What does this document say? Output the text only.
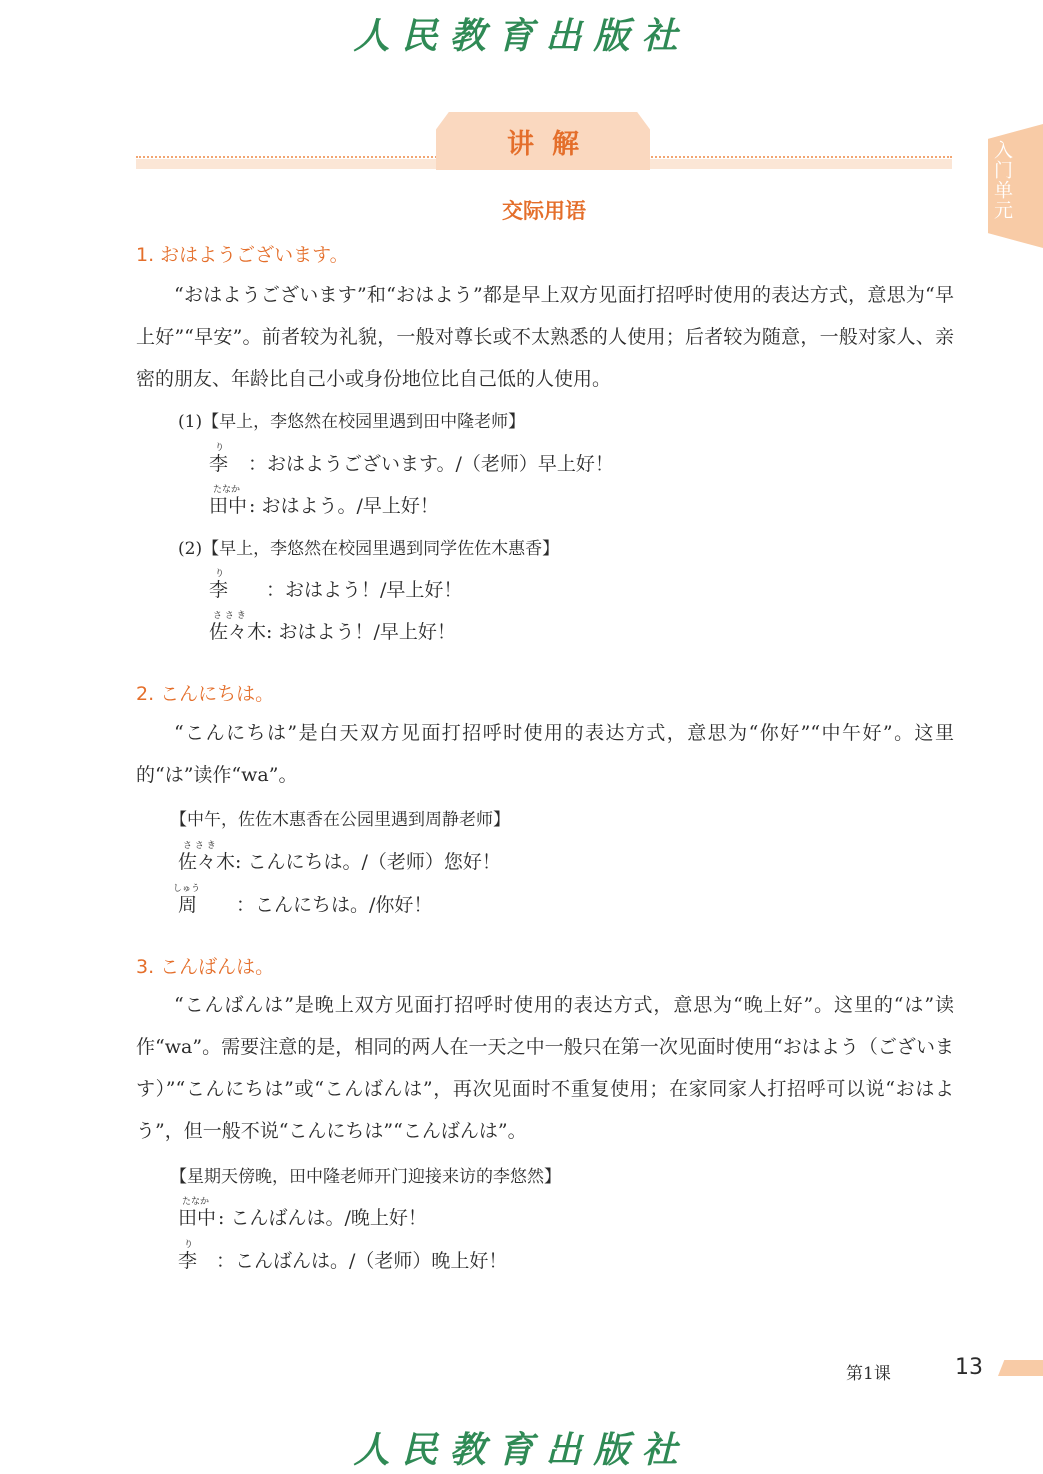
人民教育出版社
人民教育出版社
入门单元
讲解
交际用语
1. おはようございます。
“おはようございます”和“おはよう”都是早上双方见面打招呼时使用的表达方式，意思为“早上好”“早安”。前者较为礼貌，一般对尊长或不太熟悉的人使用；后者较为随意，一般对家人、亲密的朋友、年龄比自己小或身份地位比自己低的人使用。
(1)【早上，李悠然在校园里遇到田中隆老师】
り
李 ：おはようございます。/（老师）早上好！
たなか
田中 : おはよう。/早上好！
(2)【早上，李悠然在校园里遇到同学佐佐木惠香】
り
李 ：おはよう！/早上好！
さ さ き
佐々木 : おはよう！/早上好！
2. こんにちは。
“こんにちは”是白天双方见面打招呼时使用的表达方式，意思为“你好”“中午好”。这里的“は”读作“wa”。
【中午，佐佐木惠香在公园里遇到周静老师】
さ さ き
佐々木 : こんにちは。/（老师）您好！
しゅう
周 ：こんにちは。/你好！
3. こんばんは。
“こんばんは”是晚上双方见面打招呼时使用的表达方式，意思为“晚上好”。这里的“は”读作“wa”。需要注意的是，相同的两人在一天之中一般只在第一次见面时使用“おはよう（ございます）”“こんにちは”或“こんばんは”，再次见面时不重复使用；在家同家人打招呼可以说“おはよう”，但一般不说“こんにちは”“こんばんは”。
【星期天傍晚，田中隆老师开门迎接来访的李悠然】
たなか
田中 : こんばんは。/晚上好！
り
李 ：こんばんは。/（老师）晚上好！
第1课	13
